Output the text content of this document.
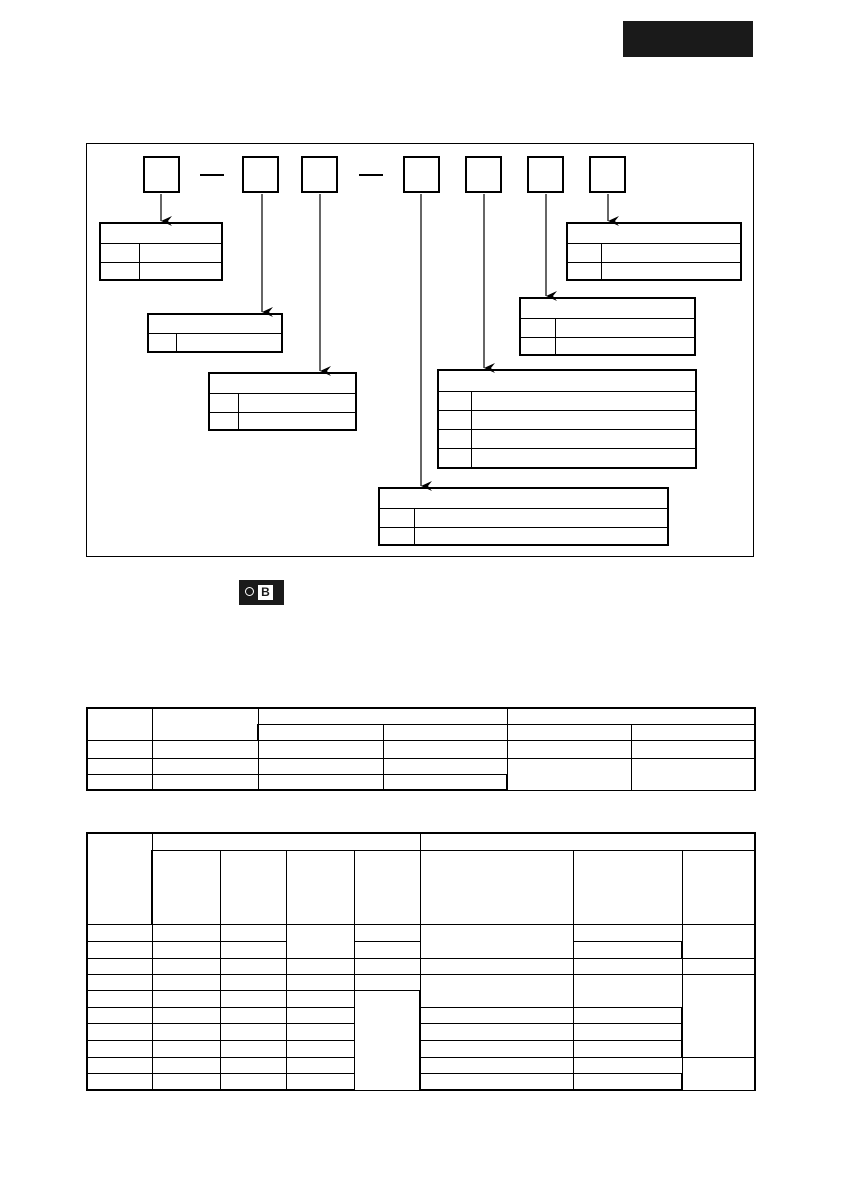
B
